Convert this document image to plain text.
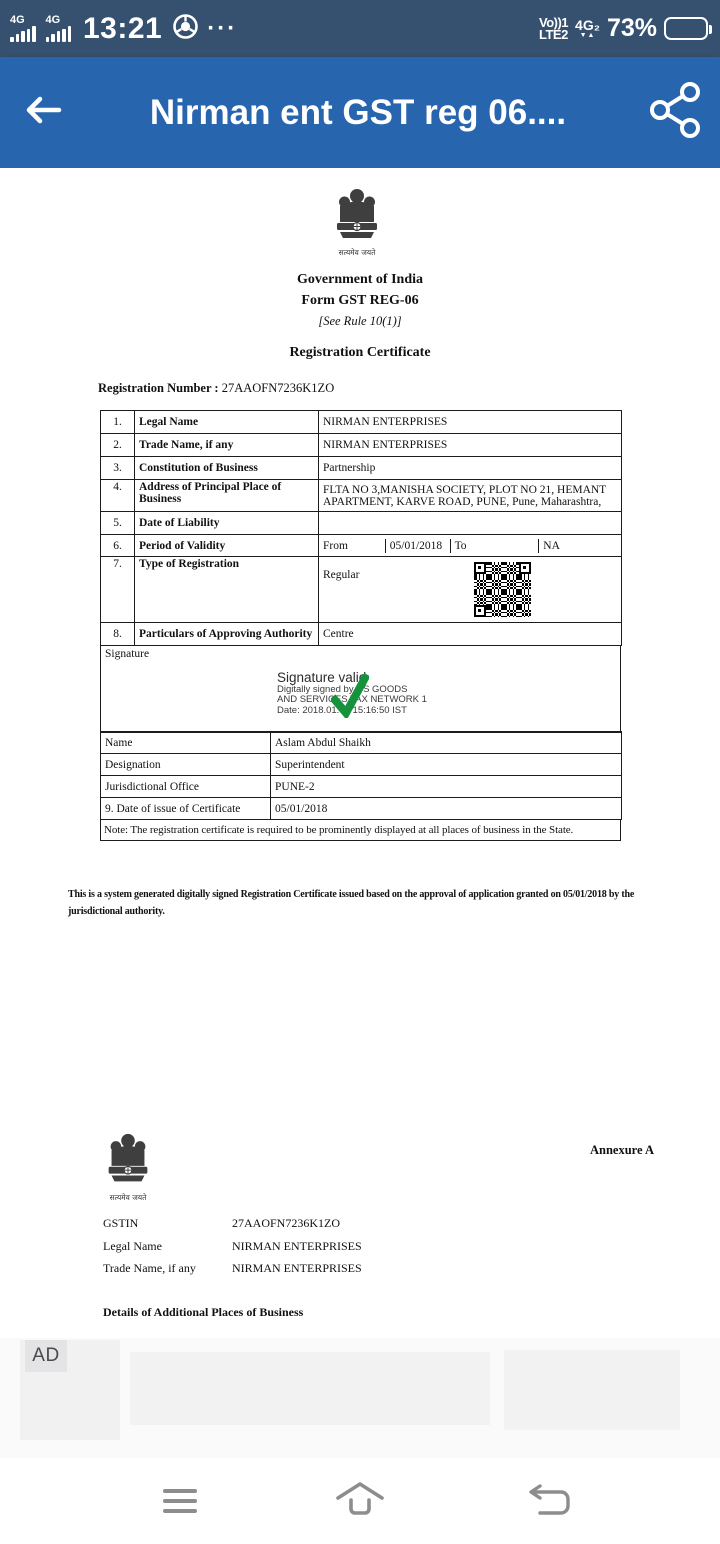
4G	4G 13:21 ···	Vo))1
LTE2
4G₂
▼▲ 73%
Nirman ent GST reg 06....
सत्यमेव जयते
Government of India
Form GST REG-06
[See Rule 10(1)]
Registration Certificate
Registration Number : 27AAOFN7236K1ZO
1.	Legal Name	NIRMAN ENTERPRISES
2.	Trade Name, if any	NIRMAN ENTERPRISES
3.	Constitution of Business	Partnership
4.	Address of Principal Place of Business	FLTA NO 3,MANISHA SOCIETY, PLOT NO 21, HEMANT APARTMENT, KARVE ROAD, PUNE, Pune, Maharashtra,
5.	Date of Liability	
6.	Period of Validity	From 05/01/2018 To NA

7.	Type of Registration	Regular

8.	Particulars of Approving Authority	Centre
Signature
Signature valid
Digitally signed by DS GOODS
AND SERVICES TAX NETWORK 1
Date: 2018.01.05 15:16:50 IST
Name	Aslam Abdul Shaikh
Designation	Superintendent
Jurisdictional Office	PUNE-2
9. Date of issue of Certificate	05/01/2018
Note: The registration certificate is required to be prominently displayed at all places of business in the State.
This is a system generated digitally signed Registration Certificate issued based on the approval of application granted on 05/01/2018 by the jurisdictional authority.
सत्यमेव जयते
Annexure A
GSTIN	27AAOFN7236K1ZO
Legal Name	NIRMAN ENTERPRISES
Trade Name, if any	NIRMAN ENTERPRISES
Details of Additional Places of Business
AD
